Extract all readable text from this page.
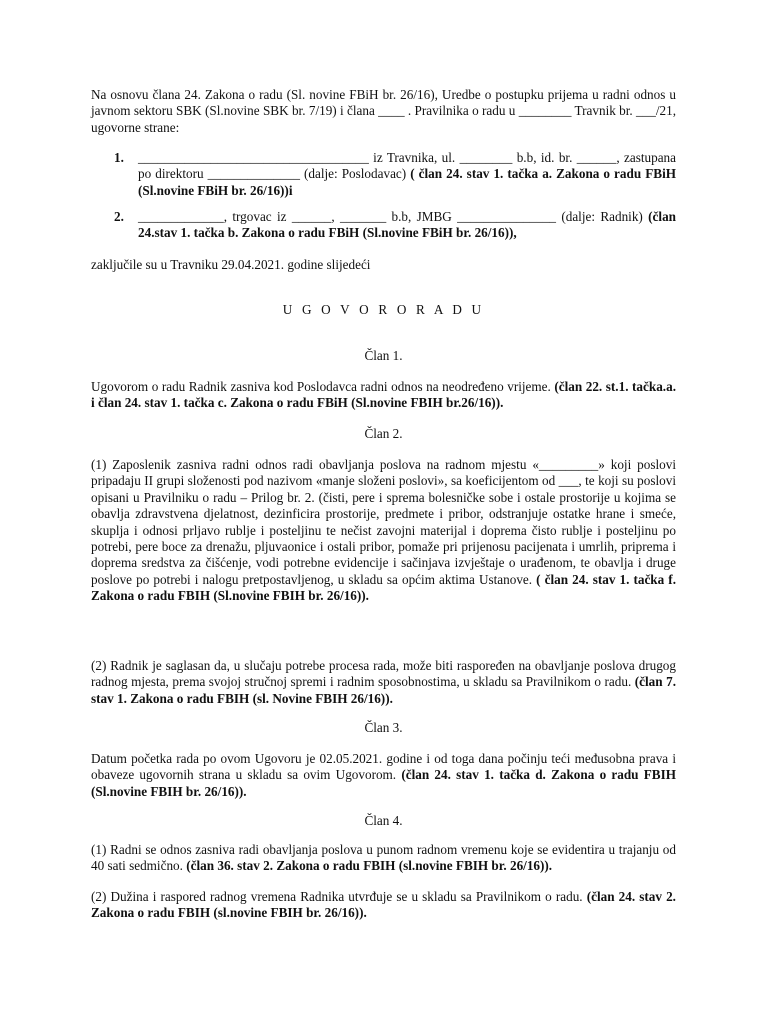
Na osnovu člana 24. Zakona o radu (Sl. novine FBiH br. 26/16), Uredbe o postupku prijema u radni odnos u javnom sektoru SBK (Sl.novine SBK br. 7/19) i člana ____ . Pravilnika o radu u ________ Travnik br. ___/21, ugovorne strane:
1. ___________________________________ iz Travnika, ul. ________ b.b, id. br. ______, zastupana po direktoru ______________ (dalje: Poslodavac) ( član 24. stav 1. tačka a. Zakona o radu FBiH (Sl.novine FBiH br. 26/16))i
2. _____________, trgovac iz ______, _______ b.b, JMBG _______________ (dalje: Radnik) (član 24.stav 1. tačka b. Zakona o radu FBiH (Sl.novine FBiH br. 26/16)),
zaključile su u Travniku 29.04.2021. godine slijedeći
U G O V O R O R A D U
Član 1.
Ugovorom o radu Radnik zasniva kod Poslodavca radni odnos na neodređeno vrijeme. (član 22. st.1. tačka.a. i član 24. stav 1. tačka c. Zakona o radu FBiH (Sl.novine FBIH br.26/16)).
Član 2.
(1) Zaposlenik zasniva radni odnos radi obavljanja poslova na radnom mjestu «_________» koji poslovi pripadaju II grupi složenosti pod nazivom «manje složeni poslovi», sa koeficijentom od ___, te koji su poslovi opisani u Pravilniku o radu – Prilog br. 2. (čisti, pere i sprema bolesničke sobe i ostale prostorije u kojima se obavlja zdravstvena djelatnost, dezinficira prostorije, predmete i pribor, odstranjuje ostatke hrane i smeće, skuplja i odnosi prljavo rublje i posteljinu te nečist zavojni materijal i doprema čisto rublje i posteljinu po potrebi, pere boce za drenažu, pljuvaonice i ostali pribor, pomaže pri prijenosu pacijenata i umrlih, priprema i doprema sredstva za čišćenje, vodi potrebne evidencije i sačinjava izvještaje o urađenom, te obavlja i druge poslove po potrebi i nalogu pretpostavljenog, u skladu sa općim aktima Ustanove. ( član 24. stav 1. tačka f. Zakona o radu FBIH (Sl.novine FBIH br. 26/16)).
(2) Radnik je saglasan da, u slučaju potrebe procesa rada, može biti raspoređen na obavljanje poslova drugog radnog mjesta, prema svojoj stručnoj spremi i radnim sposobnostima, u skladu sa Pravilnikom o radu. (član 7. stav 1. Zakona o radu FBIH (sl. Novine FBIH 26/16)).
Član 3.
Datum početka rada po ovom Ugovoru je 02.05.2021. godine i od toga dana počinju teći međusobna prava i obaveze ugovornih strana u skladu sa ovim Ugovorom. (član 24. stav 1. tačka d. Zakona o radu FBIH (Sl.novine FBIH br. 26/16)).
Član 4.
(1) Radni se odnos zasniva radi obavljanja poslova u punom radnom vremenu koje se evidentira u trajanju od 40 sati sedmično. (član 36. stav 2. Zakona o radu FBIH (sl.novine FBIH br. 26/16)).
(2) Dužina i raspored radnog vremena Radnika utvrđuje se u skladu sa Pravilnikom o radu. (član 24. stav 2. Zakona o radu FBIH (sl.novine FBIH br. 26/16)).
